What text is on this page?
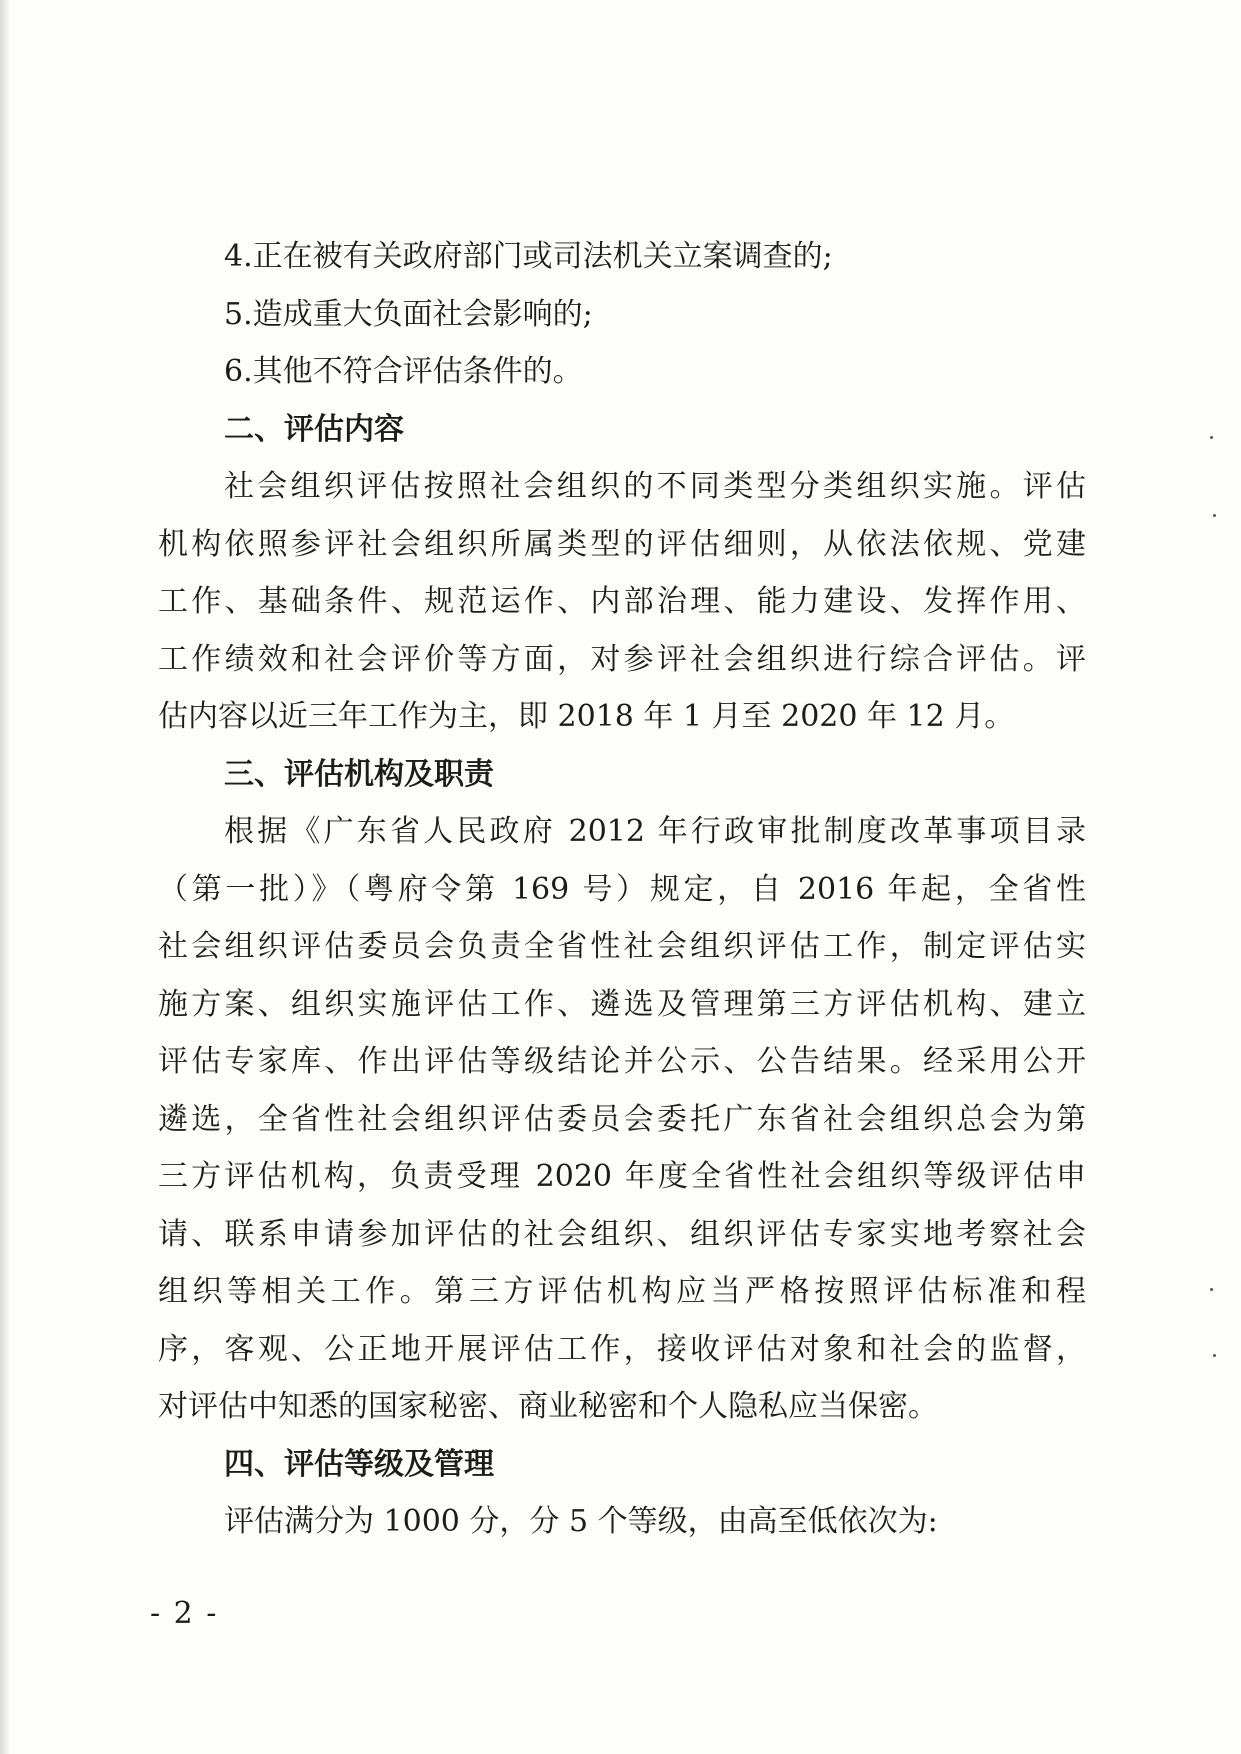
4.正在被有关政府部门或司法机关立案调查的;
5.造成重大负面社会影响的;
6.其他不符合评估条件的。
二、评估内容
社会组织评估按照社会组织的不同类型分类组织实施。评估
机构依照参评社会组织所属类型的评估细则，从依法依规、党建
工作、基础条件、规范运作、内部治理、能力建设、发挥作用、
工作绩效和社会评价等方面，对参评社会组织进行综合评估。评
估内容以近三年工作为主，即 2018 年 1 月至 2020 年 12 月。
三、评估机构及职责
根据《广东省人民政府 2012 年行政审批制度改革事项目录
（第一批）》（粤府令第 169 号）规定，自 2016 年起，全省性
社会组织评估委员会负责全省性社会组织评估工作，制定评估实
施方案、组织实施评估工作、遴选及管理第三方评估机构、建立
评估专家库、作出评估等级结论并公示、公告结果。经采用公开
遴选，全省性社会组织评估委员会委托广东省社会组织总会为第
三方评估机构，负责受理 2020 年度全省性社会组织等级评估申
请、联系申请参加评估的社会组织、组织评估专家实地考察社会
组织等相关工作。第三方评估机构应当严格按照评估标准和程
序，客观、公正地开展评估工作，接收评估对象和社会的监督，
对评估中知悉的国家秘密、商业秘密和个人隐私应当保密。
四、评估等级及管理
评估满分为 1000 分，分 5 个等级，由高至低依次为:
- 2 -
